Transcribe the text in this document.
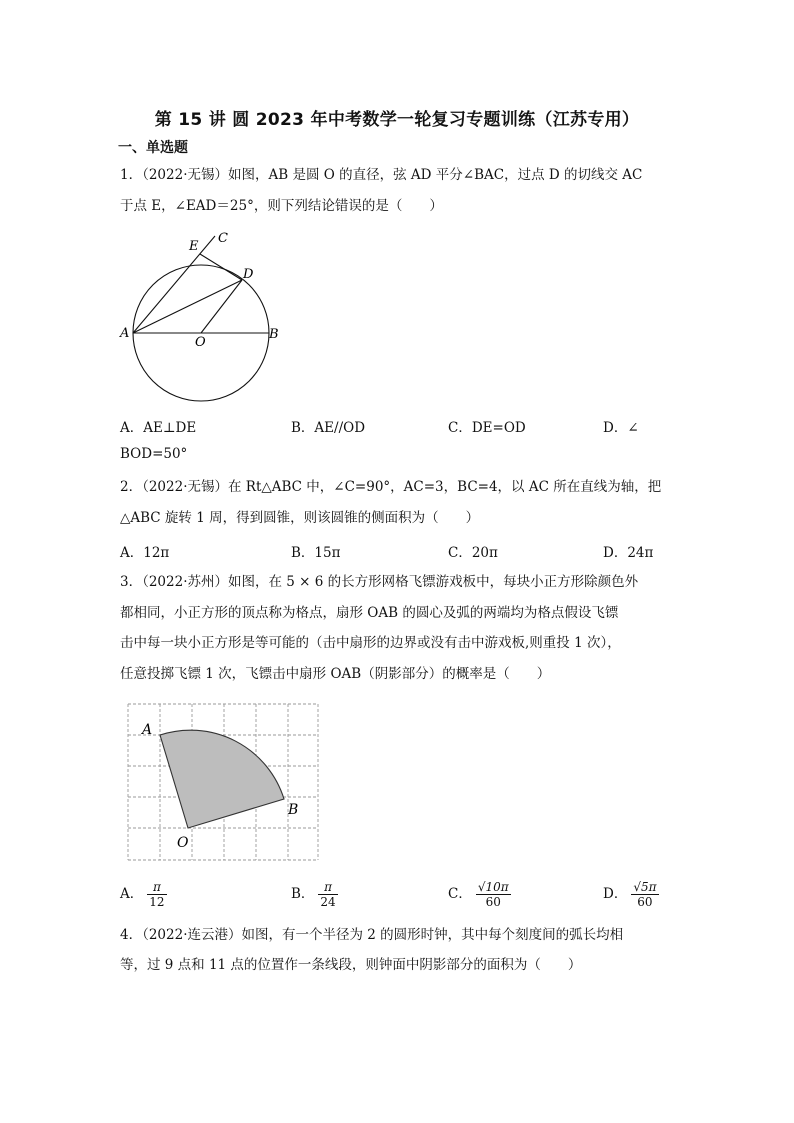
第 15 讲 圆 2023 年中考数学一轮复习专题训练（江苏专用）
一、单选题
1．（2022·无锡）如图，AB 是圆 O 的直径，弦 AD 平分∠BAC，过点 D 的切线交 AC
于点 E，∠EAD＝25°，则下列结论错误的是（　　）
A	B
C
D
E
O
A．AE⊥DE	B．AE//OD	C．DE=OD	D．∠
BOD=50°
2．（2022·无锡）在 Rt△ABC 中，∠C=90°，AC=3，BC=4，以 AC 所在直线为轴，把
△ABC 旋转 1 周，得到圆锥，则该圆锥的侧面积为（　　）
A．12π	B．15π	C．20π	D．24π
3．（2022·苏州）如图，在 5 × 6 的长方形网格飞镖游戏板中，每块小正方形除颜色外
都相同，小正方形的顶点称为格点，扇形 OAB 的圆心及弧的两端均为格点假设飞镖
击中每一块小正方形是等可能的（击中扇形的边界或没有击中游戏板,则重投 1 次），
任意投掷飞镖 1 次，飞镖击中扇形 OAB（阴影部分）的概率是（　　）
A
B
O
A． $\frac{\pi}{12}$	B． $\frac{\pi}{24}$	C． $\frac{√10\pi}{60}$	D． $\frac{√5\pi}{60}$
4．（2022·连云港）如图，有一个半径为 2 的圆形时钟，其中每个刻度间的弧长均相
等，过 9 点和 11 点的位置作一条线段，则钟面中阴影部分的面积为（　　）
